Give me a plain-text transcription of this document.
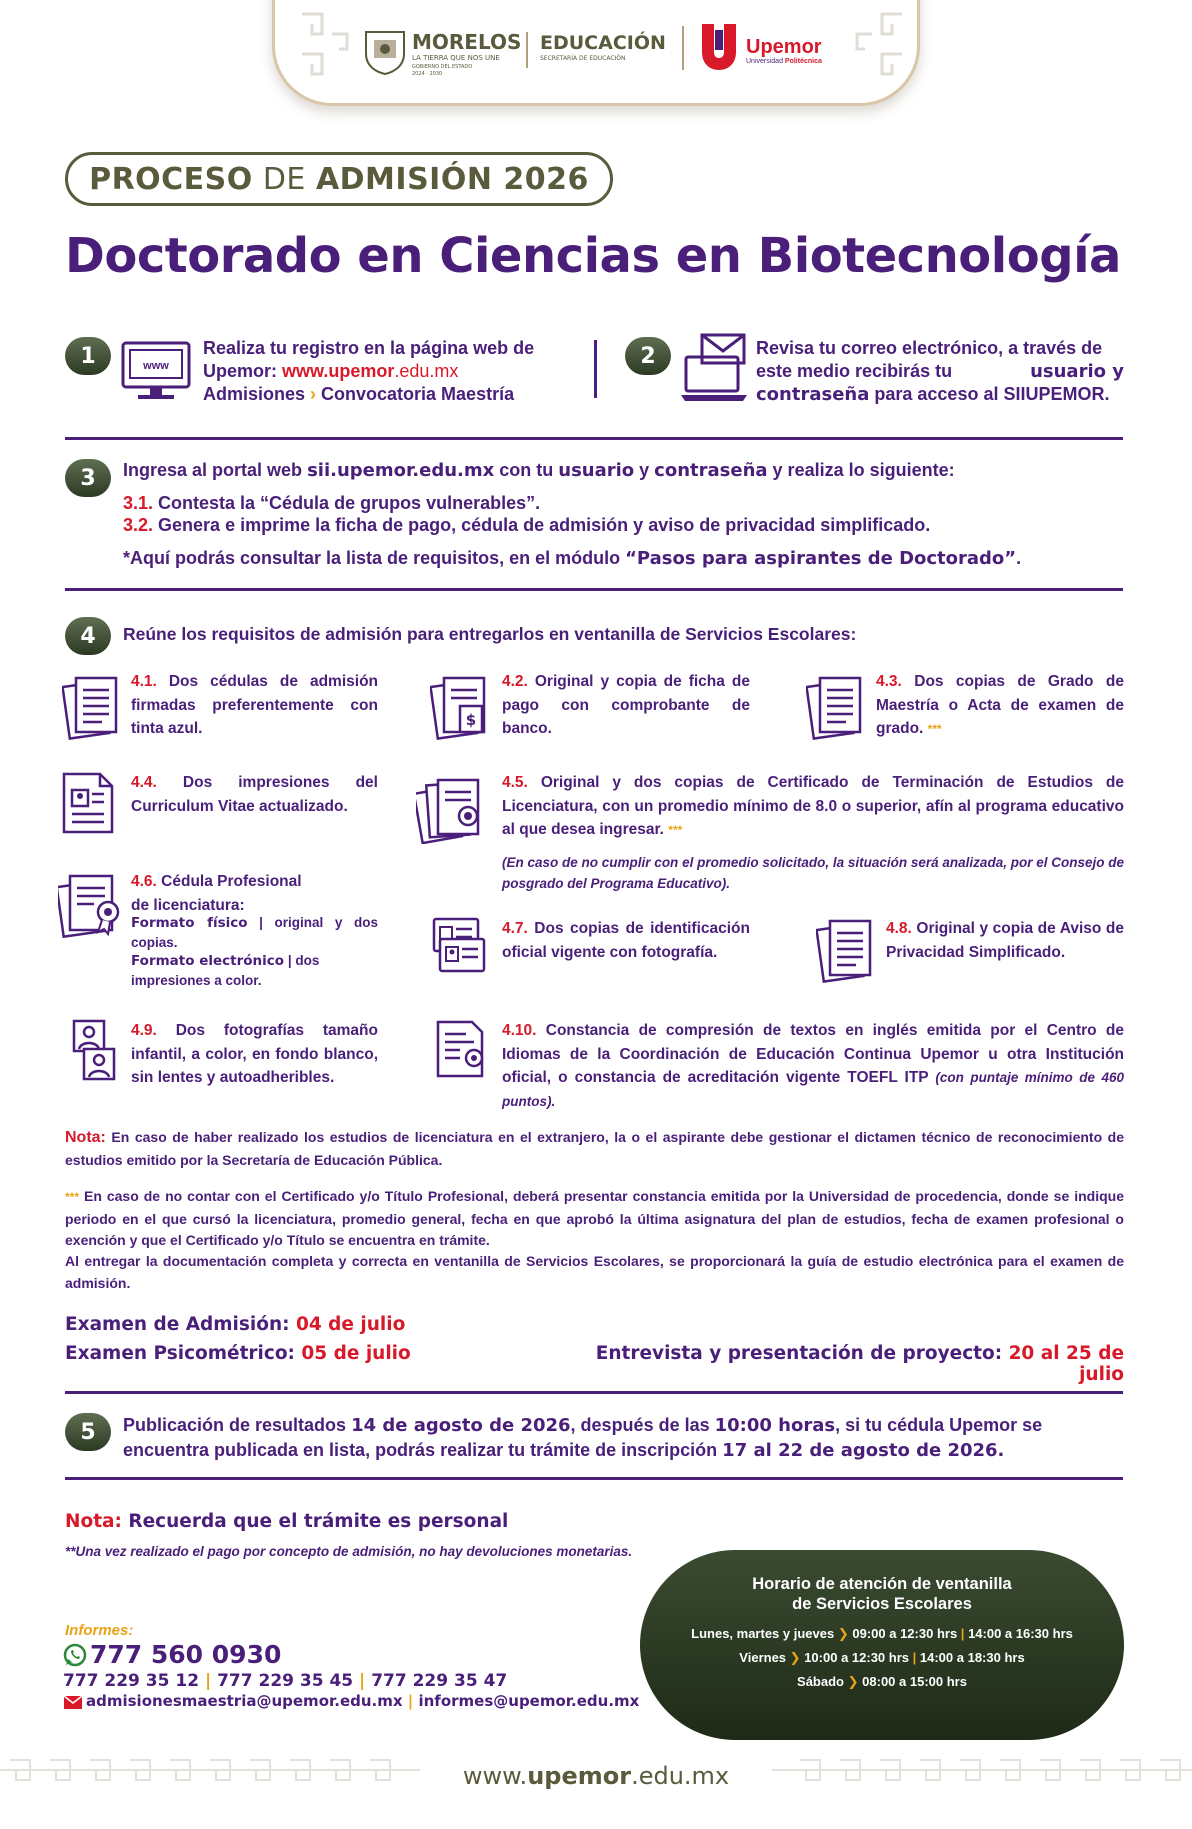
MORELOS
LA TIERRA QUE NOS UNE
GOBIERNO DEL ESTADO
2024 · 2030
EDUCACIÓN
SECRETARÍA DE EDUCACIÓN
Upemor
Universidad Politécnica
PROCESO DE ADMISIÓN 2026
Doctorado en Ciencias en Biotecnología
1	www
Realiza tu registro en la página web de
Upemor: www.upemor.edu.mx
Admisiones › Convocatoria Maestría
2	Revisa tu correo electrónico, a través de
este medio recibirás tu	usuario y
contraseña para acceso al SIIUPEMOR.
3	Ingresa al portal web sii.upemor.edu.mx con tu usuario y contraseña y realiza lo siguiente:
3.1. Contesta la “Cédula de grupos vulnerables”.
3.2. Genera e imprime la ficha de pago, cédula de admisión y aviso de privacidad simplificado.
*Aquí podrás consultar la lista de requisitos, en el módulo “Pasos para aspirantes de Doctorado”.
4	Reúne los requisitos de admisión para entregarlos en ventanilla de Servicios Escolares:
4.1. Dos cédulas de admisión firmadas preferentemente con tinta azul.	$
4.2. Original y copia de ficha de pago con comprobante de banco.
4.3. Dos copias de Grado de Maestría o Acta de examen de grado. ***
4.4. Dos impresiones del Curriculum Vitae actualizado.
4.5. Original y dos copias de Certificado de Terminación de Estudios de Licenciatura, con un promedio mínimo de 8.0 o superior, afín al programa educativo al que desea ingresar. ***
(En caso de no cumplir con el promedio solicitado, la situación será analizada, por el Consejo de posgrado del Programa Educativo).
4.6. Cédula Profesional
de licenciatura:
Formato físico | original y dos copias.
Formato electrónico | dos impresiones a color.
4.7. Dos copias de identificación oficial vigente con fotografía.
4.8. Original y copia de Aviso de Privacidad Simplificado.
4.9. Dos fotografías tamaño infantil, a color, en fondo blanco, sin lentes y autoadheribles.
4.10. Constancia de compresión de textos en inglés emitida por el Centro de Idiomas de la Coordinación de Educación Continua Upemor u otra Institución oficial, o constancia de acreditación vigente TOEFL ITP (con puntaje mínimo de 460 puntos).
Nota: En caso de haber realizado los estudios de licenciatura en el extranjero, la o el aspirante debe gestionar el dictamen técnico de reconocimiento de estudios emitido por la Secretaría de Educación Pública.
*** En caso de no contar con el Certificado y/o Título Profesional, deberá presentar constancia emitida por la Universidad de procedencia, donde se indique periodo en el que cursó la licenciatura, promedio general, fecha en que aprobó la última asignatura del plan de estudios, fecha de examen profesional o exención y que el Certificado y/o Título se encuentra en trámite.
Al entregar la documentación completa y correcta en ventanilla de Servicios Escolares, se proporcionará la guía de estudio electrónica para el examen de admisión.
Examen de Admisión: 04 de julio
Examen Psicométrico: 05 de julio	Entrevista y presentación de proyecto: 20 al 25 de julio
5	Publicación de resultados 14 de agosto de 2026, después de las 10:00 horas, si tu cédula Upemor se
encuentra publicada en lista, podrás realizar tu trámite de inscripción 17 al 22 de agosto de 2026.
Nota: Recuerda que el trámite es personal
**Una vez realizado el pago por concepto de admisión, no hay devoluciones monetarias.
Informes:
777 560 0930
777 229 35 12 | 777 229 35 45 | 777 229 35 47
admisionesmaestria@upemor.edu.mx | informes@upemor.edu.mx
Horario de atención de ventanilla
de Servicios Escolares
Lunes, martes y jueves ❯ 09:00 a 12:30 hrs | 14:00 a 16:30 hrs
Viernes ❯ 10:00 a 12:30 hrs | 14:00 a 18:30 hrs
Sábado ❯ 08:00 a 15:00 hrs
www.upemor.edu.mx
